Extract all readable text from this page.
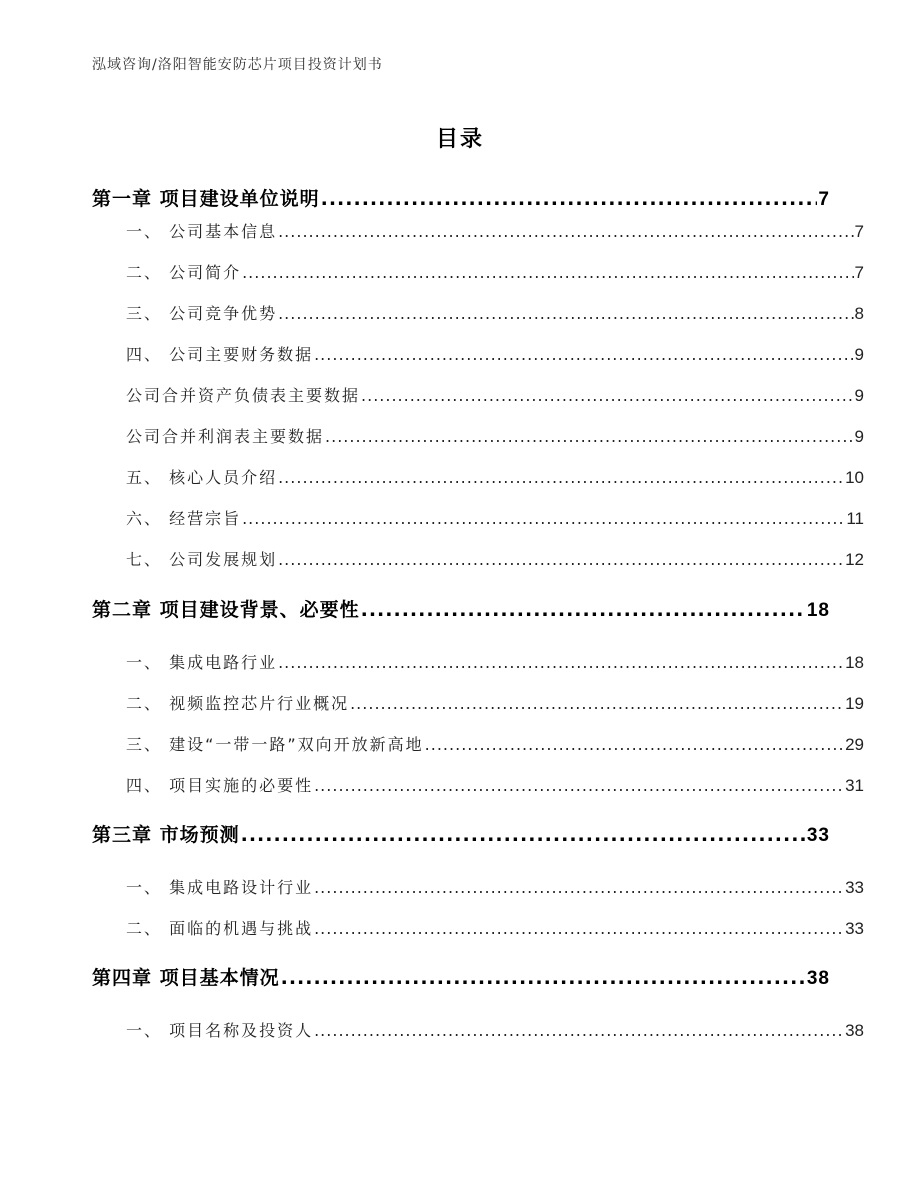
泓域咨询/洛阳智能安防芯片项目投资计划书
目录
第一章 项目建设单位说明 .....	7
一、 公司基本信息 .....	7
二、 公司简介 .....	7
三、 公司竞争优势 .....	8
四、 公司主要财务数据 .....	9
公司合并资产负债表主要数据 .....	9
公司合并利润表主要数据 .....	9
五、 核心人员介绍 .....	10
六、 经营宗旨 .....	11
七、 公司发展规划 .....	12
第二章 项目建设背景、必要性 .....	18
一、 集成电路行业 .....	18
二、 视频监控芯片行业概况 .....	19
三、 建设“一带一路”双向开放新高地 .....	29
四、 项目实施的必要性 .....	31
第三章 市场预测 .....	33
一、 集成电路设计行业 .....	33
二、 面临的机遇与挑战 .....	33
第四章 项目基本情况 .....	38
一、 项目名称及投资人 .....	38
